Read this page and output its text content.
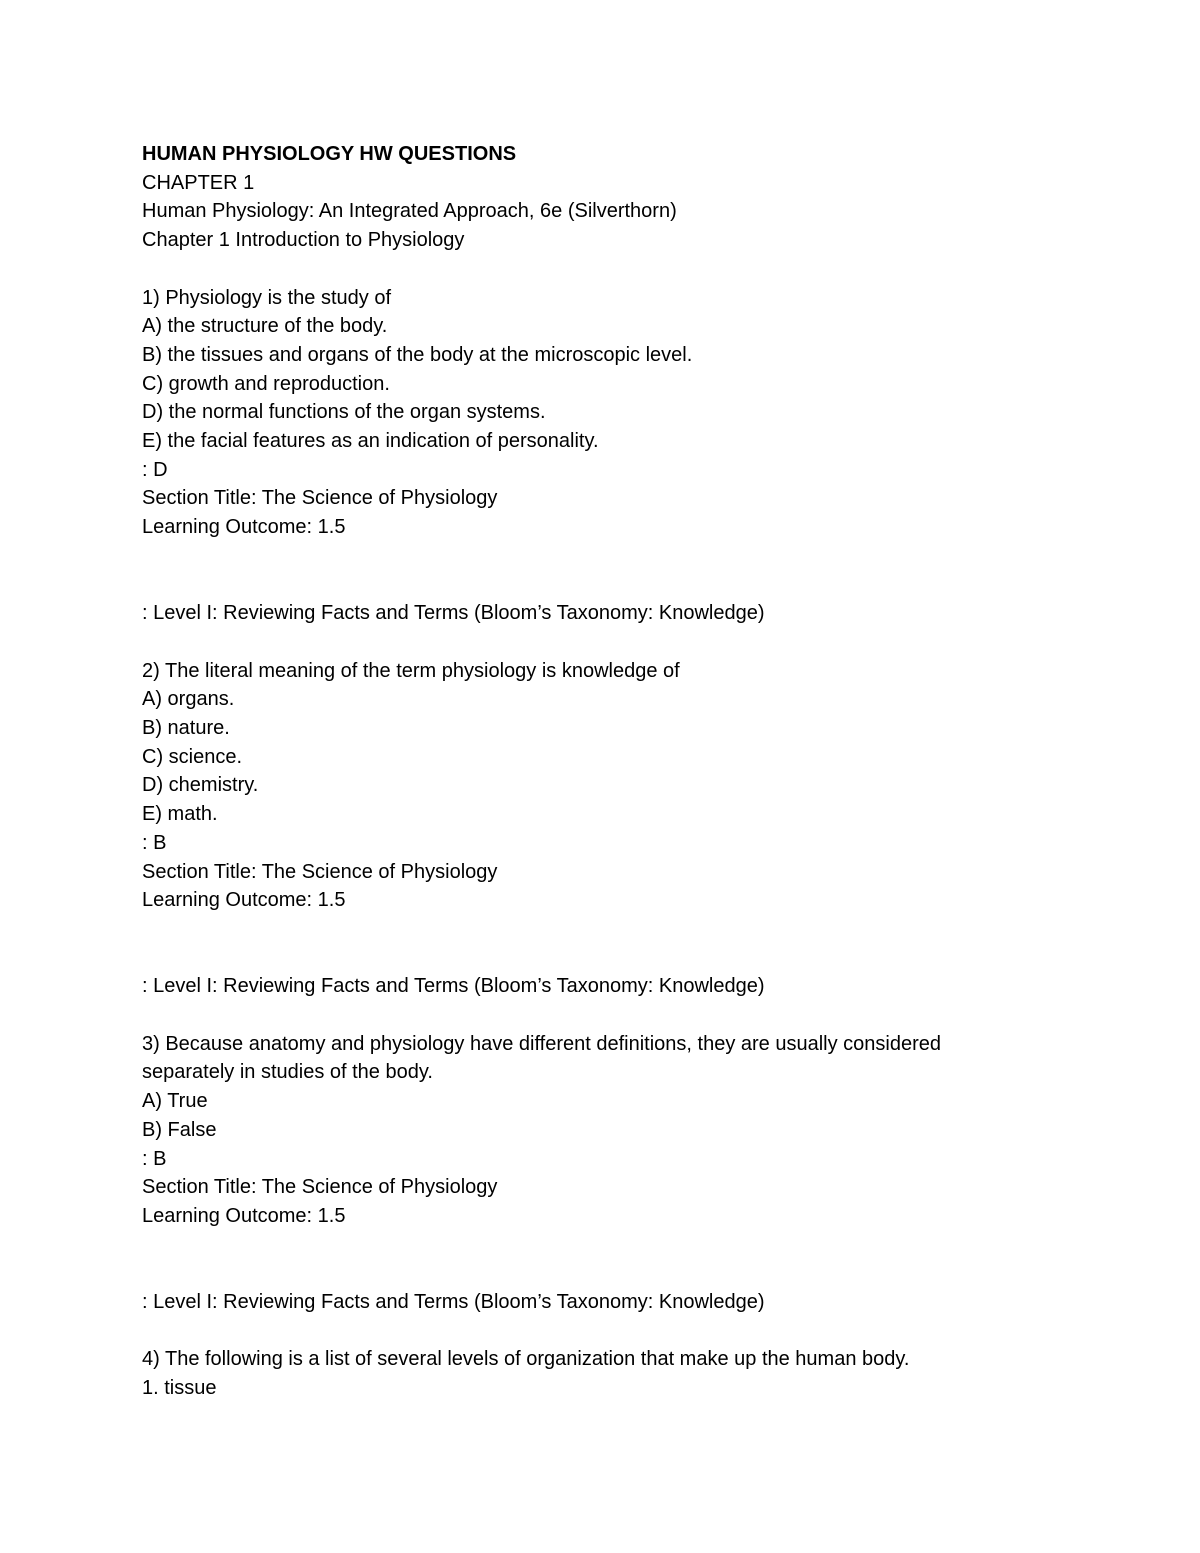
HUMAN PHYSIOLOGY HW QUESTIONS
CHAPTER 1
Human Physiology: An Integrated Approach, 6e (Silverthorn)
Chapter 1 Introduction to Physiology
1) Physiology is the study of
A) the structure of the body.
B) the tissues and organs of the body at the microscopic level.
C) growth and reproduction.
D) the normal functions of the organ systems.
E) the facial features as an indication of personality.
: D
Section Title: The Science of Physiology
Learning Outcome: 1.5
: Level I: Reviewing Facts and Terms (Bloom’s Taxonomy: Knowledge)
2) The literal meaning of the term physiology is knowledge of
A) organs.
B) nature.
C) science.
D) chemistry.
E) math.
: B
Section Title: The Science of Physiology
Learning Outcome: 1.5
: Level I: Reviewing Facts and Terms (Bloom’s Taxonomy: Knowledge)
3) Because anatomy and physiology have different definitions, they are usually considered
separately in studies of the body.
A) True
B) False
: B
Section Title: The Science of Physiology
Learning Outcome: 1.5
: Level I: Reviewing Facts and Terms (Bloom’s Taxonomy: Knowledge)
4) The following is a list of several levels of organization that make up the human body.
1. tissue
